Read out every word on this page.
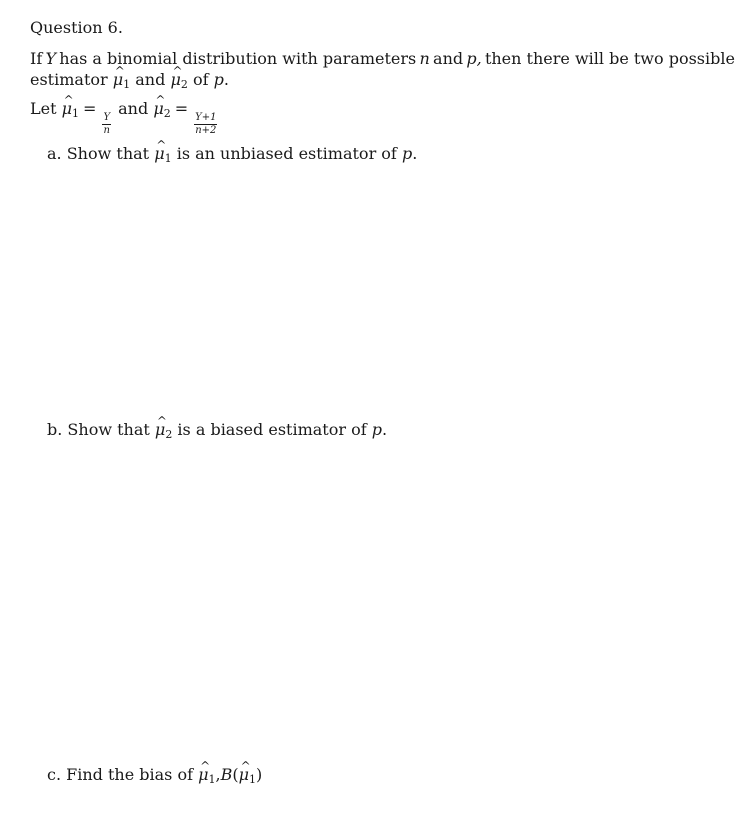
Question 6.
If Y has a binomial distribution with parameters n and p, then there will be two possible
estimator ^ $\mu_1$ and ^ $\mu_2$ of p.
Let ^ $\mu_1$ =
$\frac{Y}{n}$
and ^ $\mu_2$ =
$\frac{Y+1}{n+2}$
a. Show that ^ $\mu_1$ is an unbiased estimator of p.
b. Show that ^ $\mu_2$ is a biased estimator of p.
c. Find the bias of ^ $\mu_1,B(\^{}$ $\mu_1$)
